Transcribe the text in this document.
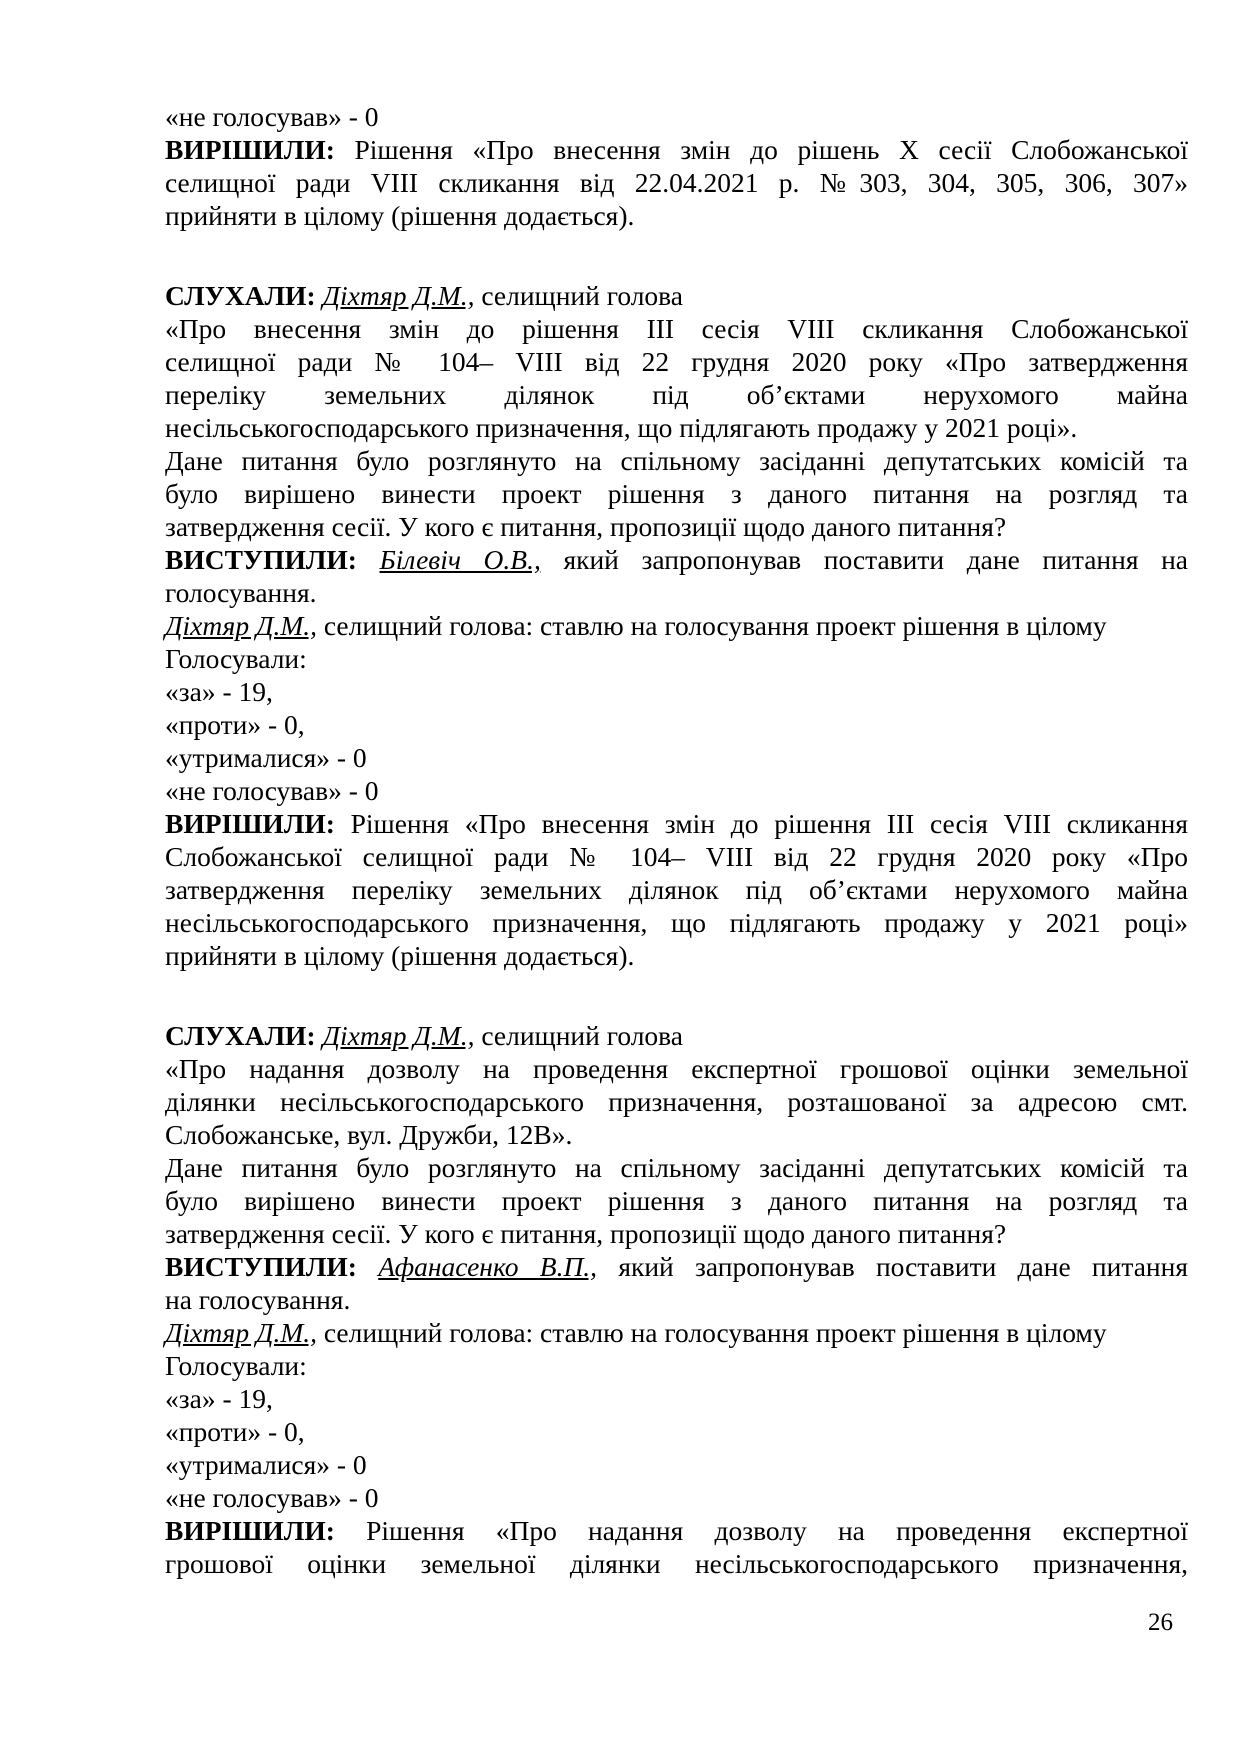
«не голосував» - 0
ВИРІШИЛИ: Рішення «Про внесення змін до рішень Х сесії Слобожанської
селищної ради VIII скликання від 22.04.2021 р. №303, 304, 305, 306, 307»
прийняти в цілому (рішення додається).
СЛУХАЛИ: Діхтяр Д.М., селищний голова
«Про внесення змін до рішення III сесія VIII скликання Слобожанської
селищної ради № 104– VIII від 22 грудня 2020 року «Про затвердження
переліку земельних ділянок під об’єктами нерухомого майна
несільськогосподарського призначення, що підлягають продажу у 2021 році».
Дане питання було розглянуто на спільному засіданні депутатських комісій та
було вирішено винести проект рішення з даного питання на розгляд та
затвердження сесії. У кого є питання, пропозиції щодо даного питання?
ВИСТУПИЛИ: Білевіч О.В., який запропонував поставити дане питання на
голосування.
Діхтяр Д.М., селищний голова: ставлю на голосування проект рішення в цілому
Голосували:
«за» - 19,
«проти» - 0,
«утрималися» - 0
«не голосував» - 0
ВИРІШИЛИ: Рішення «Про внесення змін до рішення III сесія VIII скликання
Слобожанської селищної ради № 104– VIII від 22 грудня 2020 року «Про
затвердження переліку земельних ділянок під об’єктами нерухомого майна
несільськогосподарського призначення, що підлягають продажу у 2021 році»
прийняти в цілому (рішення додається).
СЛУХАЛИ: Діхтяр Д.М., селищний голова
«Про надання дозволу на проведення експертної грошової оцінки земельної
ділянки несільськогосподарського призначення, розташованої за адресою смт.
Слобожанське, вул. Дружби, 12В».
Дане питання було розглянуто на спільному засіданні депутатських комісій та
було вирішено винести проект рішення з даного питання на розгляд та
затвердження сесії. У кого є питання, пропозиції щодо даного питання?
ВИСТУПИЛИ: Афанасенко В.П., який запропонував поставити дане питання
на голосування.
Діхтяр Д.М., селищний голова: ставлю на голосування проект рішення в цілому
Голосували:
«за» - 19,
«проти» - 0,
«утрималися» - 0
«не голосував» - 0
ВИРІШИЛИ: Рішення «Про надання дозволу на проведення експертної
грошової оцінки земельної ділянки несільськогосподарського призначення,
26
